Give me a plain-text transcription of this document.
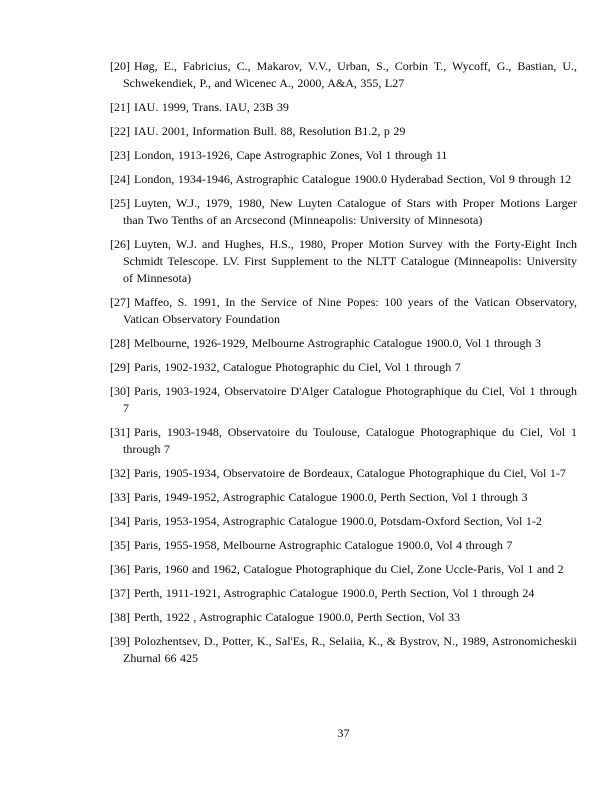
[20] Høg, E., Fabricius, C., Makarov, V.V., Urban, S., Corbin T., Wycoff, G., Bastian, U., Schwekendiek, P., and Wicenec A., 2000, A&A, 355, L27

[21] IAU. 1999, Trans. IAU, 23B 39

[22] IAU. 2001, Information Bull. 88, Resolution B1.2, p 29

[23] London, 1913-1926, Cape Astrographic Zones, Vol 1 through 11

[24] London, 1934-1946, Astrographic Catalogue 1900.0 Hyderabad Section, Vol 9 through 12

[25] Luyten, W.J., 1979, 1980, New Luyten Catalogue of Stars with Proper Motions Larger than Two Tenths of an Arcsecond (Minneapolis: University of Minnesota)

[26] Luyten, W.J. and Hughes, H.S., 1980, Proper Motion Survey with the Forty-Eight Inch Schmidt Telescope. LV. First Supplement to the NLTT Catalogue (Minneapolis: University of Minnesota)

[27] Maffeo, S. 1991, In the Service of Nine Popes: 100 years of the Vatican Observatory, Vatican Observatory Foundation

[28] Melbourne, 1926-1929, Melbourne Astrographic Catalogue 1900.0, Vol 1 through 3

[29] Paris, 1902-1932, Catalogue Photographic du Ciel, Vol 1 through 7

[30] Paris, 1903-1924, Observatoire D'Alger Catalogue Photographique du Ciel, Vol 1 through 7

[31] Paris, 1903-1948, Observatoire du Toulouse, Catalogue Photographique du Ciel, Vol 1 through 7

[32] Paris, 1905-1934, Observatoire de Bordeaux, Catalogue Photographique du Ciel, Vol 1-7

[33] Paris, 1949-1952, Astrographic Catalogue 1900.0, Perth Section, Vol 1 through 3

[34] Paris, 1953-1954, Astrographic Catalogue 1900.0, Potsdam-Oxford Section, Vol 1-2

[35] Paris, 1955-1958, Melbourne Astrographic Catalogue 1900.0, Vol 4 through 7

[36] Paris, 1960 and 1962, Catalogue Photographique du Ciel, Zone Uccle-Paris, Vol 1 and 2

[37] Perth, 1911-1921, Astrographic Catalogue 1900.0, Perth Section, Vol 1 through 24

[38] Perth, 1922 , Astrographic Catalogue 1900.0, Perth Section, Vol 33

[39] Polozhentsev, D., Potter, K., Sal'Es, R., Selaiia, K., & Bystrov, N., 1989, Astronomicheskii Zhurnal 66 425

37
